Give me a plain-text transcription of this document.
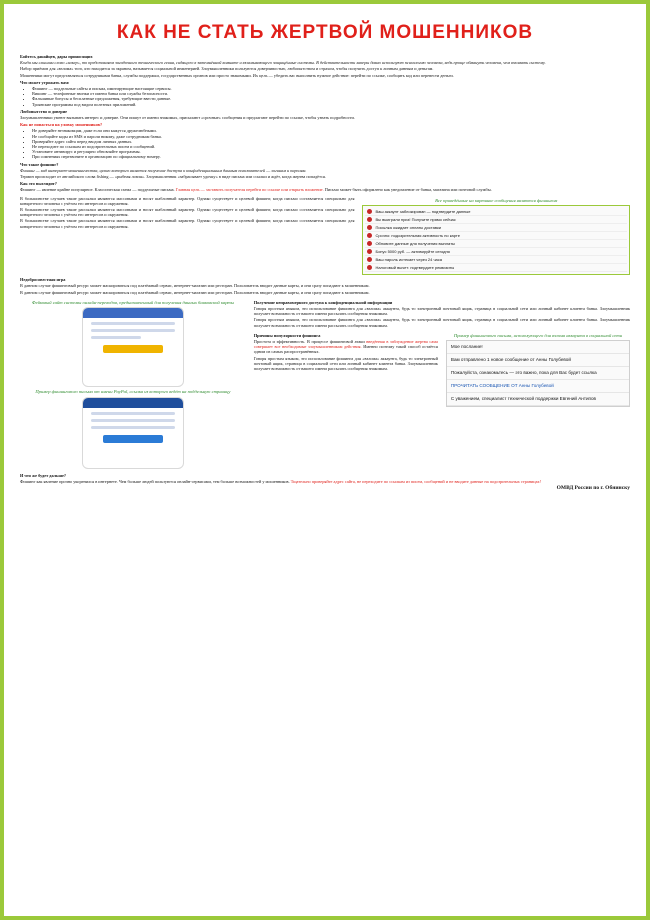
КАК НЕ СТАТЬ ЖЕРТВОЙ МОШЕННИКОВ

Бойтесь данайцев, дары приносящих

Когда мы слышим слово «хакер», то представляем загадочного технического гения, сидящего в затемнённой комнате и взламывающего защищённые системы. В действительности хакеры давно используют психологию человека, ведь проще обмануть человека, чем взломать систему.

Набор приёмов для «взлома» того, кто находится за экраном, называется социальной инженерией. Злоумышленники пользуются доверчивостью, любопытством и страхом, чтобы получить доступ к личным данным и деньгам.

Мошенники могут представляться сотрудниками банка, службы поддержки, государственных органов или просто знакомыми. Их цель — убедить вас выполнить нужное действие: перейти по ссылке, сообщить код или перевести деньги.

Что может угрожать вам:

• Фишинг — поддельные сайты и письма, имитирующие настоящие сервисы.
• Вишинг — телефонные звонки от имени банка или службы безопасности.
• Фальшивые бонусы и бесплатные предложения, требующие ввести данные.
• Троянские программы под видом полезных приложений.

Любопытство и доверие

Злоумышленники умеют вызывать интерес и доверие. Они пишут от имени знакомых, присылают «срочные» сообщения и предлагают перейти по ссылке, чтобы узнать подробности.

Как не попасться на уловку мошенников?

• Не доверяйте незнакомцам, даже если они кажутся дружелюбными.
• Не сообщайте коды из SMS и пароли никому, даже сотрудникам банка.
• Проверяйте адрес сайта перед вводом личных данных.
• Не переходите по ссылкам из подозрительных писем и сообщений.
• Установите антивирус и регулярно обновляйте программы.
• При сомнениях перезвоните в организацию по официальному номеру.

Что такое фишинг?

Фишинг — вид интернет-мошенничества, целью которого является получение доступа к конфиденциальным данным пользователей — логинам и паролям.

Термин происходит от английского слова fishing — «рыбная ловля». Злоумышленник «забрасывает удочку» в виде письма или ссылки и ждёт, когда жертва попадётся.

Как это выглядит?

Фишинг — явление крайне популярное. Классическая схема — поддельные письма. Главная цель — заставить получателя перейти по ссылке или открыть вложение. Письмо может быть оформлено как уведомление от банка, магазина или почтовой службы.

В большинстве случаев такие рассылки являются массовыми и носят шаблонный характер. Однако существует и целевой фишинг, когда письмо составляется специально для конкретного человека с учётом его интересов и окружения.

В большинстве случаев такие рассылки являются массовыми и носят шаблонный характер. Однако существует и целевой фишинг, когда письмо составляется специально для конкретного человека с учётом его интересов и окружения.

В большинстве случаев такие рассылки являются массовыми и носят шаблонный характер. Однако существует и целевой фишинг, когда письмо составляется специально для конкретного человека с учётом его интересов и окружения.

Все приведённые на картинке сообщения являются фишингом
Ваш аккаунт заблокирован — подтвердите данные
Вы выиграли приз! Получите прямо сейчас
Посылка ожидает оплаты доставки
Срочно: подозрительная активность по карте
Обновите данные для получения выплаты
Бонус 5000 руб. — активируйте сегодня
Ваш пароль истекает через 24 часа
Налоговый вычет: подтвердите реквизиты

Недобросовестная игра

В данном случае фишинговый ресурс может маскироваться под платёжный сервис, интернет-магазин или ресторан. Пользователь вводит данные карты, и они сразу попадают к мошенникам.

В данном случае фишинговый ресурс может маскироваться под платёжный сервис, интернет-магазин или ресторан. Пользователь вводит данные карты, и они сразу попадают к мошенникам.

Фейковый сайт системы онлайн-переводов, предназначенный для получения данных банковской карты
Пример фишингового письма от имени PayPal, ссылка из которого ведёт на поддельную страницу

Получение неправомерного доступа к конфиденциальной информации

Говоря простым языком, это использование фишинга для «взлома» аккаунта, будь то электронный почтовый ящик, страница в социальной сети или личный кабинет клиента банка. Злоумышленник получает возможность от вашего имени рассылать сообщения знакомым.

Говоря простым языком, это использование фишинга для «взлома» аккаунта, будь то электронный почтовый ящик, страница в социальной сети или личный кабинет клиента банка. Злоумышленник получает возможность от вашего имени рассылать сообщения знакомым.

Причины популярности фишинга

Простота и эффективность. В процессе фишинговой атаки введённая в заблуждение жертва сама совершает все необходимые злоумышленникам действия. Именно поэтому такой способ остаётся одним из самых распространённых.

Говоря простым языком, это использование фишинга для «взлома» аккаунта, будь то электронный почтовый ящик, страница в социальной сети или личный кабинет клиента банка. Злоумышленник получает возможность от вашего имени рассылать сообщения знакомым.

Пример фишингового письма, использующего для взлома аккаунта в социальной сети
Мое послание!
Вам отправлено 1 новое сообщение от Анны Голубевой
Пожалуйста, ознакомьтесь — это важно, пока для Вас будет ссылка
ПРОЧИТАТЬ СООБЩЕНИЕ ОТ Анны Голубевой
С уважением, специалист технической поддержки Евгений Антипов

И что же будет дальше?

Фишинг как явление прочно укоренился в интернете. Чем больше людей пользуются онлайн-сервисами, тем больше возможностей у мошенников. Тщательно проверяйте адрес сайта, не переходите по ссылкам из писем, сообщений и не вводите данные на подозрительных страницах!

ОМВД России по г. Обнинску
